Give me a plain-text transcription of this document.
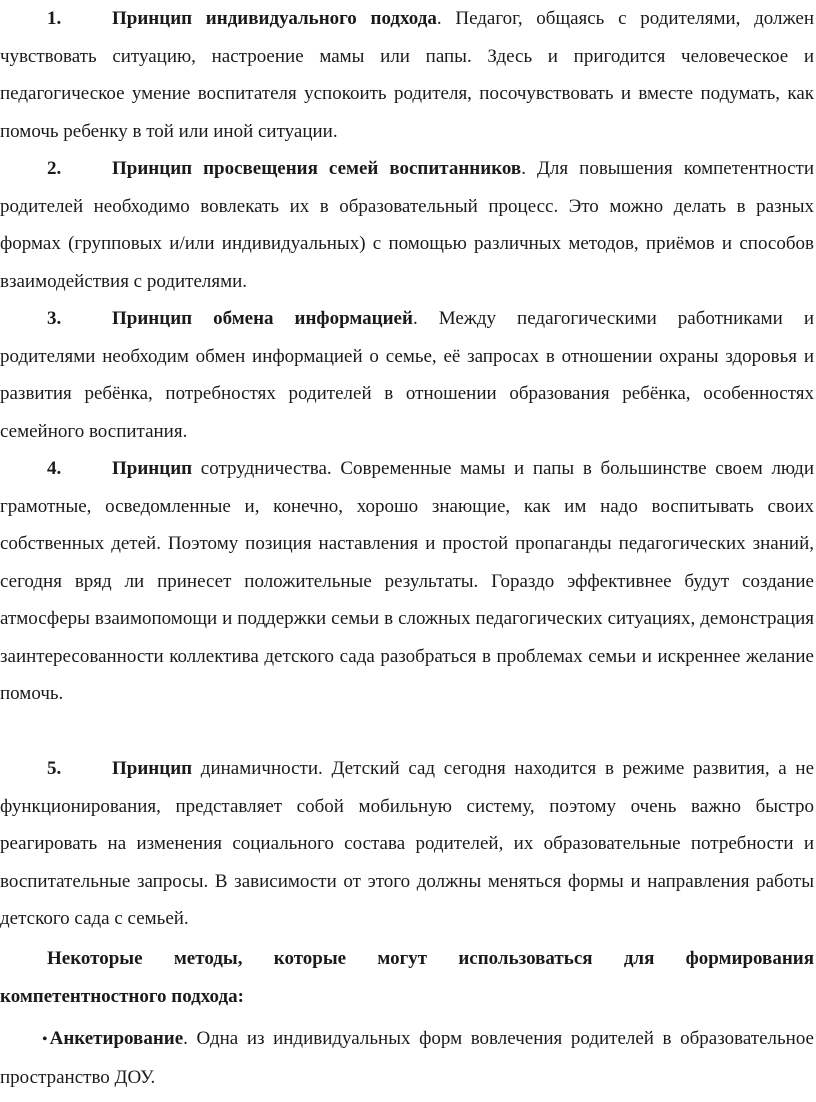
1.	Принцип индивидуального подхода. Педагог, общаясь с родителями, должен чувствовать ситуацию, настроение мамы или папы. Здесь и пригодится человеческое и педагогическое умение воспитателя успокоить родителя, посочувствовать и вместе подумать, как помочь ребенку в той или иной ситуации.

2.	Принцип просвещения семей воспитанников. Для повышения компетентности родителей необходимо вовлекать их в образовательный процесс. Это можно делать в разных формах (групповых и/или индивидуальных) с помощью различных методов, приёмов и способов взаимодействия с родителями.

3.	Принцип обмена информацией. Между педагогическими работниками и родителями необходим обмен информацией о семье, её запросах в отношении охраны здоровья и развития ребёнка, потребностях родителей в отношении образования ребёнка, особенностях семейного воспитания.

4.	Принцип сотрудничества. Современные мамы и папы в большинстве своем люди грамотные, осведомленные и, конечно, хорошо знающие, как им надо воспитывать своих собственных детей. Поэтому позиция наставления и простой пропаганды педагогических знаний, сегодня вряд ли принесет положительные результаты. Гораздо эффективнее будут создание атмосферы взаимопомощи и поддержки семьи в сложных педагогических ситуациях, демонстрация заинтересованности коллектива детского сада разобраться в проблемах семьи и искреннее желание помочь.

5.	Принцип динамичности. Детский сад сегодня находится в режиме развития, а не функционирования, представляет собой мобильную систему, поэтому очень важно быстро реагировать на изменения социального состава родителей, их образовательные потребности и воспитательные запросы. В зависимости от этого должны меняться формы и направления работы детского сада с семьей.

Некоторые методы, которые могут использоваться для формирования компетентностного подхода:

• Анкетирование. Одна из индивидуальных форм вовлечения родителей в образовательное пространство ДОУ.
